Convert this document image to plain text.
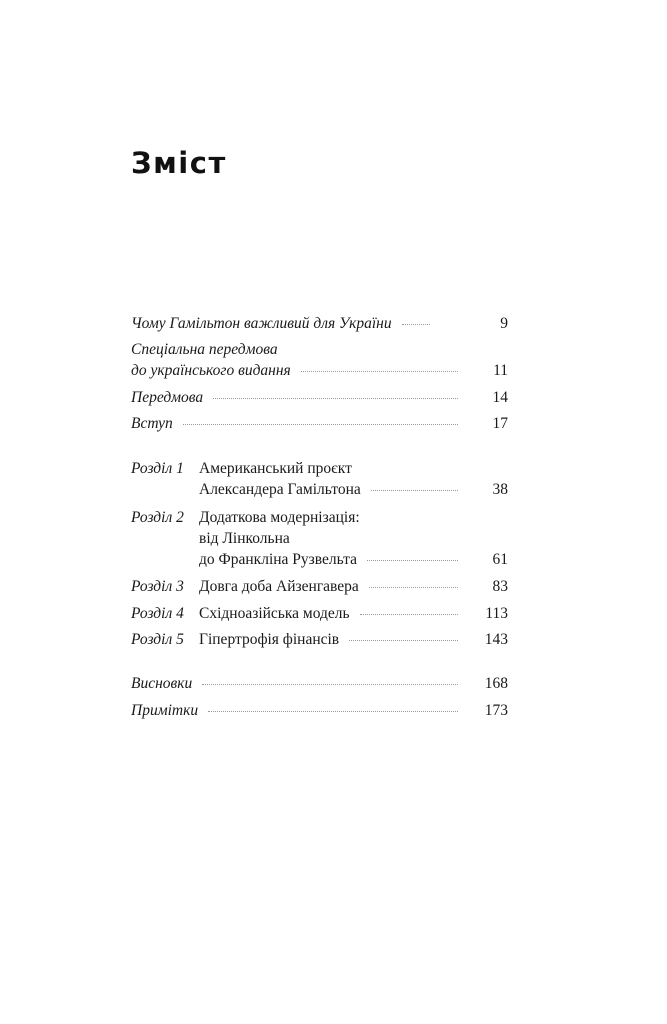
Зміст
Чому Гамільтон важливий для України	9
Спеціальна передмова
до українського видання	11
Передмова	14
Вступ	17
Розділ 1 Американський проєкт
Александера Гамільтона	38
Розділ 2 Додаткова модернізація:
від Лінкольна
до Франкліна Рузвельта	61
Розділ 3 Довга доба Айзенгавера	83
Розділ 4 Східноазійська модель	113
Розділ 5 Гіпертрофія фінансів	143
Висновки	168
Примітки	173
